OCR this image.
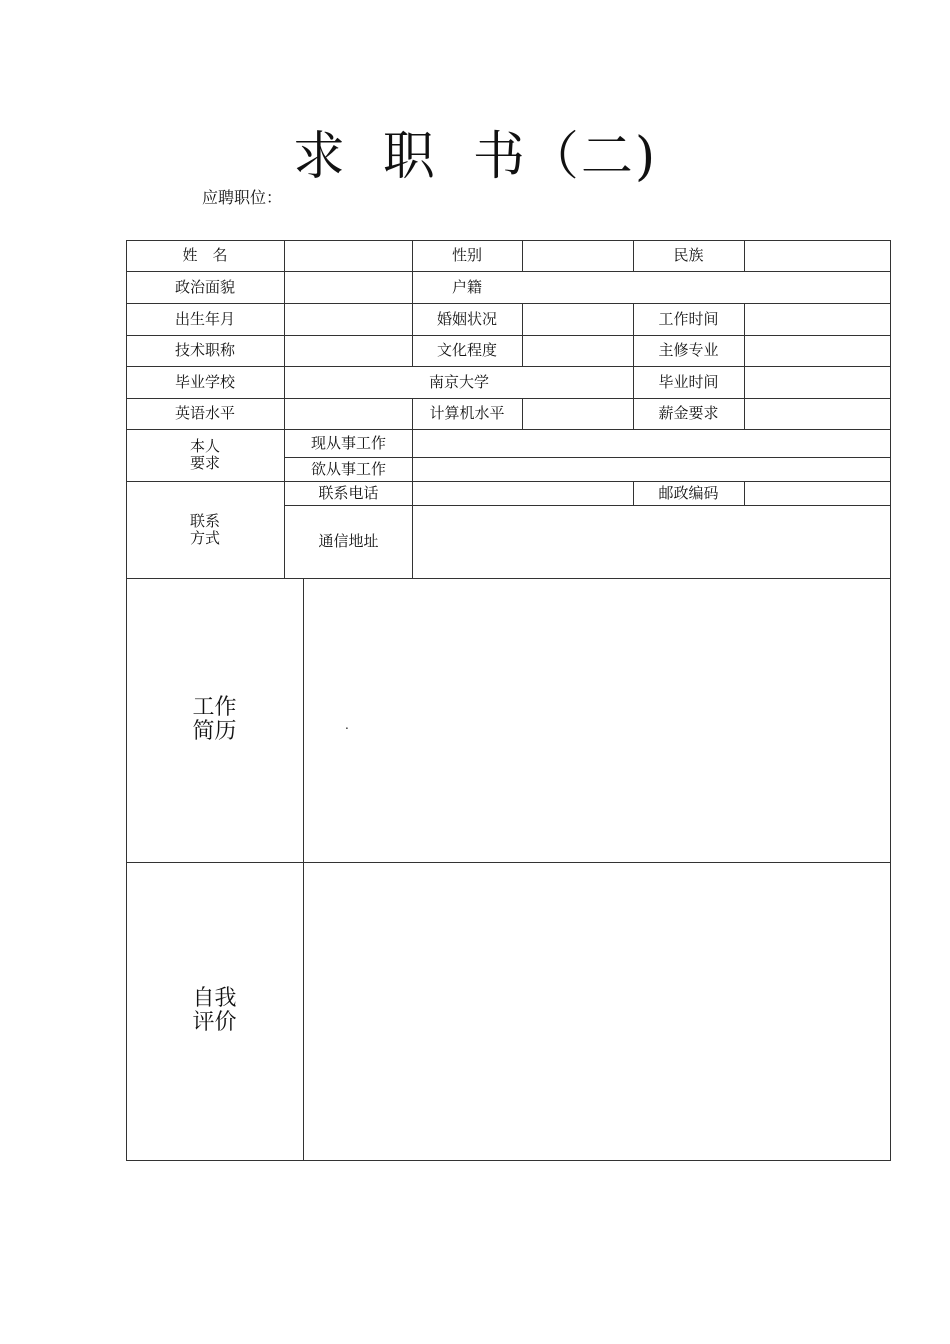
求 职 书（二)
应聘职位：
姓　名	性别	民族
政治面貌	户籍
出生年月	婚姻状况	工作时间
技术职称	文化程度	主修专业
毕业学校	南京大学	毕业时间
英语水平	计算机水平	薪金要求
本人
要求
现从事工作
欲从事工作
联系
方式
联系电话	邮政编码
通信地址
工作
简历	.
自我
评价
